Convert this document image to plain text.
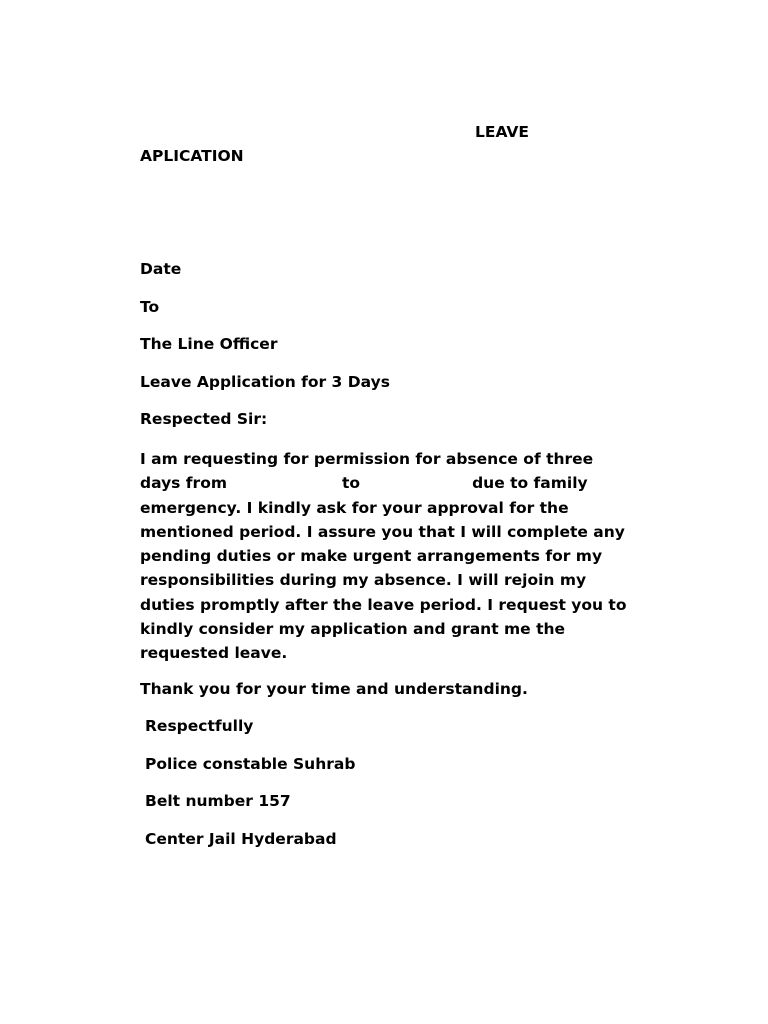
LEAVE
APLICATION
Date
To
The Line Officer
Leave Application for 3 Days
Respected Sir:
I am requesting for permission for absence of three
days from	to	due to family
emergency. I kindly ask for your approval for the
mentioned period. I assure you that I will complete any
pending duties or make urgent arrangements for my
responsibilities during my absence. I will rejoin my
duties promptly after the leave period. I request you to
kindly consider my application and grant me the
requested leave.
Thank you for your time and understanding.
Respectfully
Police constable Suhrab
Belt number 157
Center Jail Hyderabad
